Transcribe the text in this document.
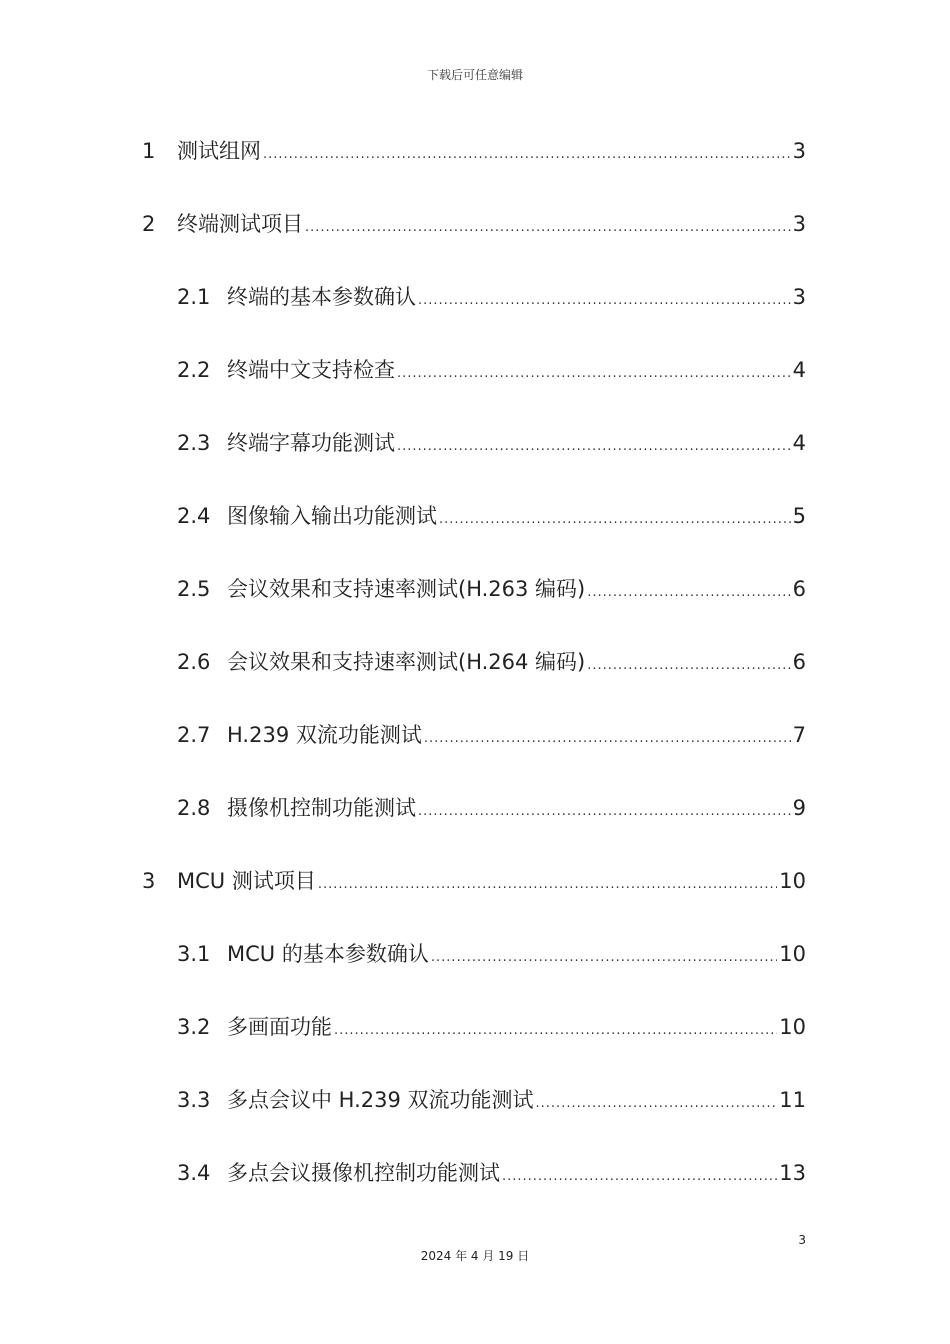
下载后可任意编辑
1	测试组网 .....	3
2	终端测试项目 .....	3
2.1 终端的基本参数确认 .....	3
2.2 终端中文支持检查 .....	4
2.3 终端字幕功能测试 .....	4
2.4 图像输入输出功能测试 .....	5
2.5 会议效果和支持速率测试(H.263 编码) .....	6
2.6 会议效果和支持速率测试(H.264 编码) .....	6
2.7 H.239 双流功能测试 .....	7
2.8 摄像机控制功能测试 .....	9
3	MCU 测试项目 .....	10
3.1 MCU 的基本参数确认 .....	10
3.2 多画面功能 .....	10
3.3 多点会议中 H.239 双流功能测试 .....	11
3.4 多点会议摄像机控制功能测试 .....	13
3
2024 年 4 月 19 日
